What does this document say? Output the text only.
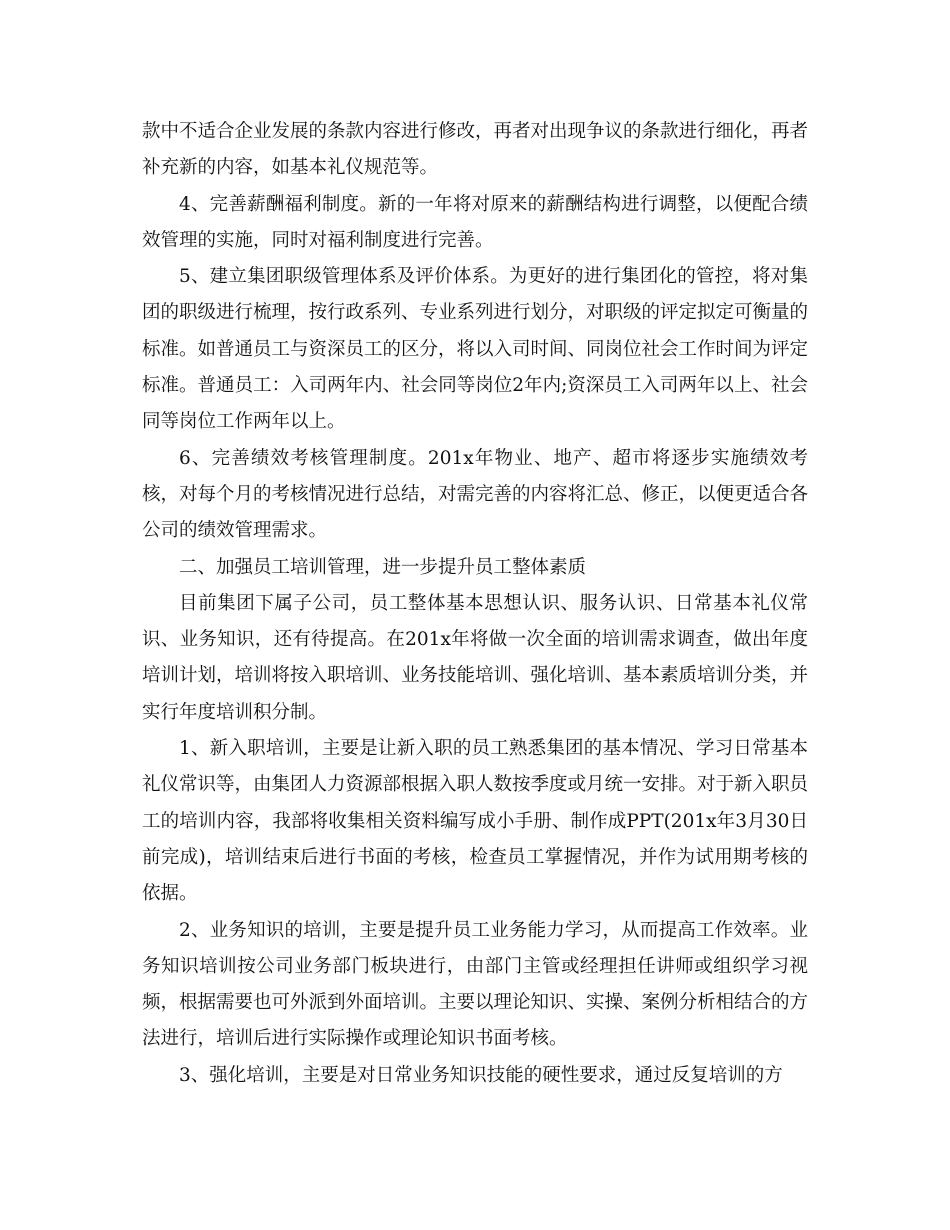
款中不适合企业发展的条款内容进行修改，再者对出现争议的条款进行细化，再者补充新的内容，如基本礼仪规范等。

4、完善薪酬福利制度。新的一年将对原来的薪酬结构进行调整，以便配合绩效管理的实施，同时对福利制度进行完善。

5、建立集团职级管理体系及评价体系。为更好的进行集团化的管控，将对集团的职级进行梳理，按行政系列、专业系列进行划分，对职级的评定拟定可衡量的标准。如普通员工与资深员工的区分，将以入司时间、同岗位社会工作时间为评定标准。普通员工：入司两年内、社会同等岗位2年内;资深员工入司两年以上、社会同等岗位工作两年以上。

6、完善绩效考核管理制度。201x年物业、地产、超市将逐步实施绩效考核，对每个月的考核情况进行总结，对需完善的内容将汇总、修正，以便更适合各公司的绩效管理需求。

二、加强员工培训管理，进一步提升员工整体素质

目前集团下属子公司，员工整体基本思想认识、服务认识、日常基本礼仪常识、业务知识，还有待提高。在201x年将做一次全面的培训需求调查，做出年度培训计划，培训将按入职培训、业务技能培训、强化培训、基本素质培训分类，并实行年度培训积分制。

1、新入职培训，主要是让新入职的员工熟悉集团的基本情况、学习日常基本礼仪常识等，由集团人力资源部根据入职人数按季度或月统一安排。对于新入职员工的培训内容，我部将收集相关资料编写成小手册、制作成PPT(201x年3月30日前完成)，培训结束后进行书面的考核，检查员工掌握情况，并作为试用期考核的依据。

2、业务知识的培训，主要是提升员工业务能力学习，从而提高工作效率。业务知识培训按公司业务部门板块进行，由部门主管或经理担任讲师或组织学习视频，根据需要也可外派到外面培训。主要以理论知识、实操、案例分析相结合的方法进行，培训后进行实际操作或理论知识书面考核。

3、强化培训，主要是对日常业务知识技能的硬性要求，通过反复培训的方
